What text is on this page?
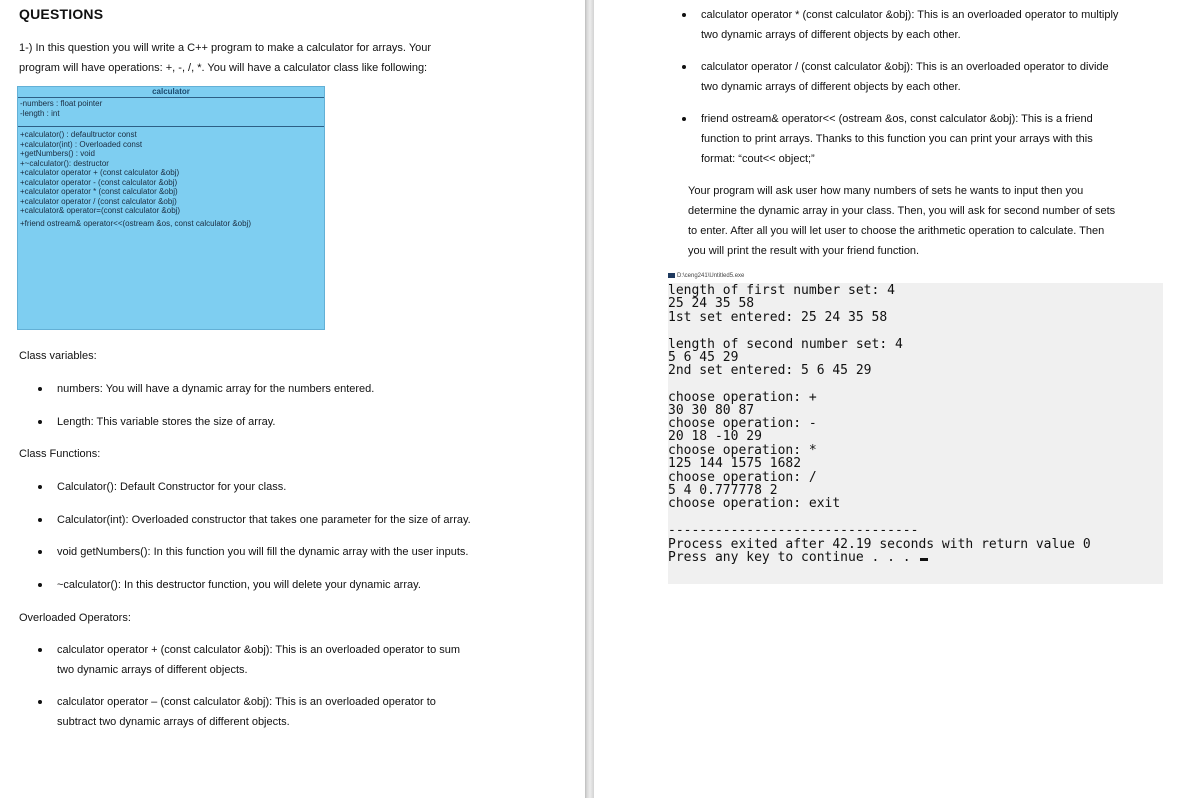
QUESTIONS
1-) In this question you will write a C++ program to make a calculator for arrays. Your
program will have operations: +, -, /, *. You will have a calculator class like following:
calculator
-numbers : float pointer
-length : int
+calculator() : defaultructor const
+calculator(int) : Overloaded const
+getNumbers() : void
+~calculator(): destructor
+calculator operator + (const calculator &obj)
+calculator operator - (const calculator &obj)
+calculator operator * (const calculator &obj)
+calculator operator / (const calculator &obj)
+calculator& operator=(const calculator &obj)
+friend ostream& operator<<(ostream &os, const calculator &obj)
Class variables:
numbers: You will have a dynamic array for the numbers entered.
Length: This variable stores the size of array.
Class Functions:
Calculator(): Default Constructor for your class.
Calculator(int): Overloaded constructor that takes one parameter for the size of array.
void getNumbers(): In this function you will fill the dynamic array with the user inputs.
~calculator(): In this destructor function, you will delete your dynamic array.
Overloaded Operators:
calculator operator + (const calculator &obj): This is an overloaded operator to sum
two dynamic arrays of different objects.
calculator operator – (const calculator &obj): This is an overloaded operator to
subtract two dynamic arrays of different objects.
calculator operator * (const calculator &obj): This is an overloaded operator to multiply
two dynamic arrays of different objects by each other.
calculator operator / (const calculator &obj): This is an overloaded operator to divide
two dynamic arrays of different objects by each other.
friend ostream& operator<< (ostream &os, const calculator &obj): This is a friend
function to print arrays. Thanks to this function you can print your arrays with this
format: “cout<< object;”
Your program will ask user how many numbers of sets he wants to input then you
determine the dynamic array in your class. Then, you will ask for second number of sets
to enter. After all you will let user to choose the arithmetic operation to calculate. Then
you will print the result with your friend function.
D:\ceng241\Untitled5.exe
length of first number set: 4
25 24 35 58
1st set entered: 25 24 35 58
length of second number set: 4
5 6 45 29
2nd set entered: 5 6 45 29
choose operation: +
30 30 80 87
choose operation: -
20 18 -10 29
choose operation: *
125 144 1575 1682
choose operation: /
5 4 0.777778 2
choose operation: exit
--------------------------------
Process exited after 42.19 seconds with return value 0
Press any key to continue . . .
